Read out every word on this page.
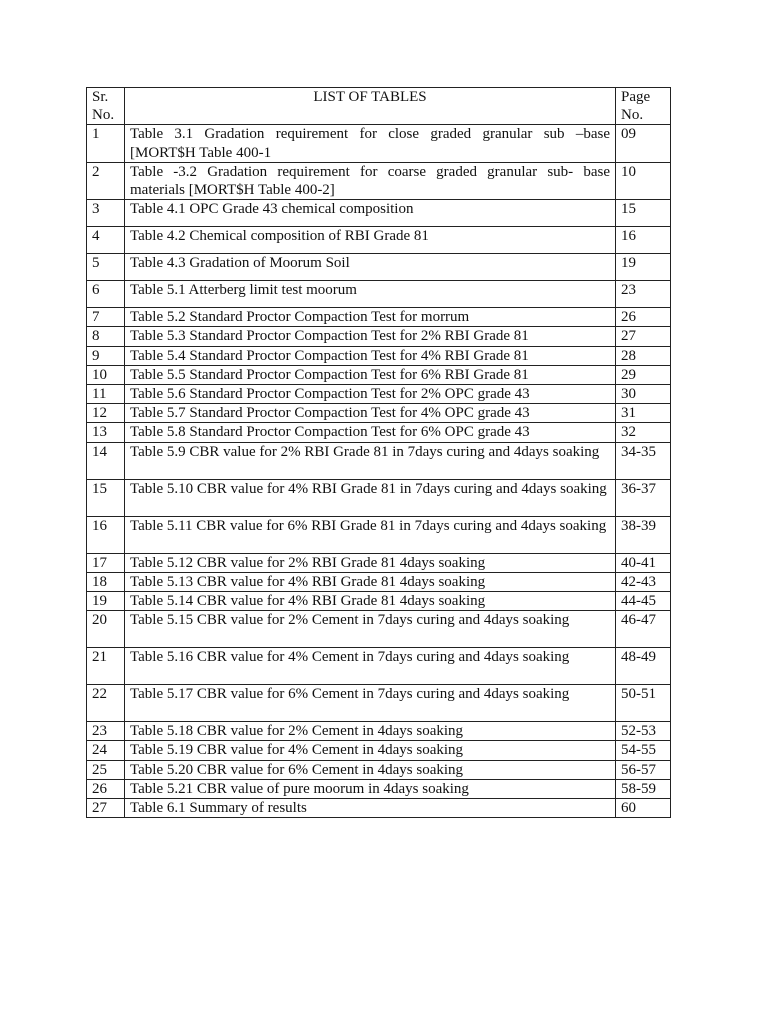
Sr. No.	LIST OF TABLES	Page No.
1	Table 3.1 Gradation requirement for close graded granular sub –base [MORT$H Table 400-1	09
2	Table -3.2 Gradation requirement for coarse graded granular sub- base materials [MORT$H Table 400-2]	10
3	Table 4.1 OPC Grade 43 chemical composition	15
4	Table 4.2 Chemical composition of RBI Grade 81	16
5	Table 4.3 Gradation of Moorum Soil	19
6	Table 5.1 Atterberg limit test moorum	23
7	Table 5.2 Standard Proctor Compaction Test for morrum	26
8	Table 5.3 Standard Proctor Compaction Test for 2% RBI Grade 81	27
9	Table 5.4 Standard Proctor Compaction Test for 4% RBI Grade 81	28
10	Table 5.5 Standard Proctor Compaction Test for 6% RBI Grade 81	29
11	Table 5.6 Standard Proctor Compaction Test for 2% OPC grade 43	30
12	Table 5.7 Standard Proctor Compaction Test for 4% OPC grade 43	31
13	Table 5.8 Standard Proctor Compaction Test for 6% OPC grade 43	32
14	Table 5.9 CBR value for 2% RBI Grade 81 in 7days curing and 4days soaking	34-35
15	Table 5.10 CBR value for 4% RBI Grade 81 in 7days curing and 4days soaking	36-37
16	Table 5.11 CBR value for 6% RBI Grade 81 in 7days curing and 4days soaking	38-39
17	Table 5.12 CBR value for 2% RBI Grade 81 4days soaking	40-41
18	Table 5.13 CBR value for 4% RBI Grade 81 4days soaking	42-43
19	Table 5.14 CBR value for 4% RBI Grade 81 4days soaking	44-45
20	Table 5.15 CBR value for 2% Cement in 7days curing and 4days soaking	46-47
21	Table 5.16 CBR value for 4% Cement in 7days curing and 4days soaking	48-49
22	Table 5.17 CBR value for 6% Cement in 7days curing and 4days soaking	50-51
23	Table 5.18 CBR value for 2% Cement in 4days soaking	52-53
24	Table 5.19 CBR value for 4% Cement in 4days soaking	54-55
25	Table 5.20 CBR value for 6% Cement in 4days soaking	56-57
26	Table 5.21 CBR value of pure moorum in 4days soaking	58-59
27	Table 6.1 Summary of results	60
